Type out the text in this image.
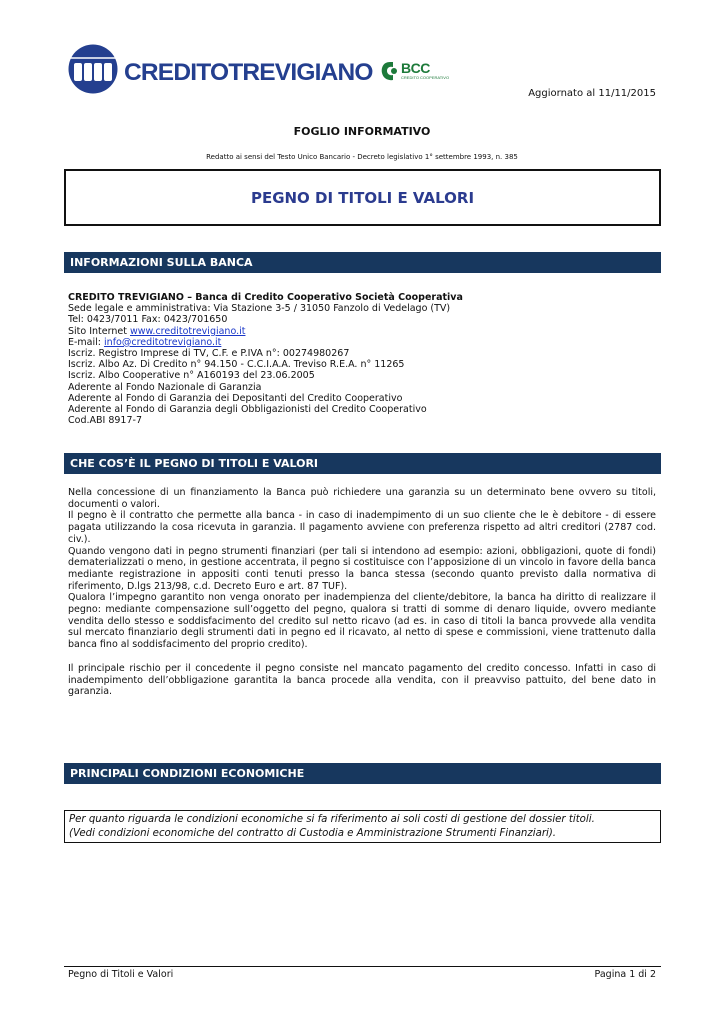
CREDITOTREVIGIANO BCC
CREDITO COOPERATIVO
Aggiornato al 11/11/2015
FOGLIO INFORMATIVO
Redatto ai sensi del Testo Unico Bancario - Decreto legislativo 1° settembre 1993, n. 385
PEGNO DI TITOLI E VALORI
INFORMAZIONI SULLA BANCA
CREDITO TREVIGIANO – Banca di Credito Cooperativo Società Cooperativa
Sede legale e amministrativa: Via Stazione 3-5 / 31050 Fanzolo di Vedelago (TV)
Tel: 0423/7011 Fax: 0423/701650
Sito Internet www.creditotrevigiano.it
E-mail: info@creditotrevigiano.it
Iscriz. Registro Imprese di TV, C.F. e P.IVA n°: 00274980267
Iscriz. Albo Az. Di Credito n° 94.150 - C.C.I.A.A. Treviso R.E.A. n° 11265
Iscriz. Albo Cooperative n° A160193 del 23.06.2005
Aderente al Fondo Nazionale di Garanzia
Aderente al Fondo di Garanzia dei Depositanti del Credito Cooperativo
Aderente al Fondo di Garanzia degli Obbligazionisti del Credito Cooperativo
Cod.ABI 8917-7
CHE COS’È IL PEGNO DI TITOLI E VALORI
Nella concessione di un finanziamento la Banca può richiedere una garanzia su un determinato bene ovvero su titoli, documenti o valori.
Il pegno è il contratto che permette alla banca - in caso di inadempimento di un suo cliente che le è debitore - di essere pagata utilizzando la cosa ricevuta in garanzia. Il pagamento avviene con preferenza rispetto ad altri creditori (2787 cod. civ.).
Quando vengono dati in pegno strumenti finanziari (per tali si intendono ad esempio: azioni, obbligazioni, quote di fondi) dematerializzati o meno, in gestione accentrata, il pegno si costituisce con l’apposizione di un vincolo in favore della banca mediante registrazione in appositi conti tenuti presso la banca stessa (secondo quanto previsto dalla normativa di riferimento, D.lgs 213/98, c.d. Decreto Euro e art. 87 TUF).
Qualora l’impegno garantito non venga onorato per inadempienza del cliente/debitore, la banca ha diritto di realizzare il pegno: mediante compensazione sull’oggetto del pegno, qualora si tratti di somme di denaro liquide, ovvero mediante vendita dello stesso e soddisfacimento del credito sul netto ricavo (ad es. in caso di titoli la banca provvede alla vendita sul mercato finanziario degli strumenti dati in pegno ed il ricavato, al netto di spese e commissioni, viene trattenuto dalla banca fino al soddisfacimento del proprio credito).
Il principale rischio per il concedente il pegno consiste nel mancato pagamento del credito concesso. Infatti in caso di inadempimento dell’obbligazione garantita la banca procede alla vendita, con il preavviso pattuito, del bene dato in garanzia.
PRINCIPALI CONDIZIONI ECONOMICHE
Per quanto riguarda le condizioni economiche si fa riferimento ai soli costi di gestione del dossier titoli.
(Vedi condizioni economiche del contratto di Custodia e Amministrazione Strumenti Finanziari).
Pegno di Titoli e Valori	Pagina 1 di 2
